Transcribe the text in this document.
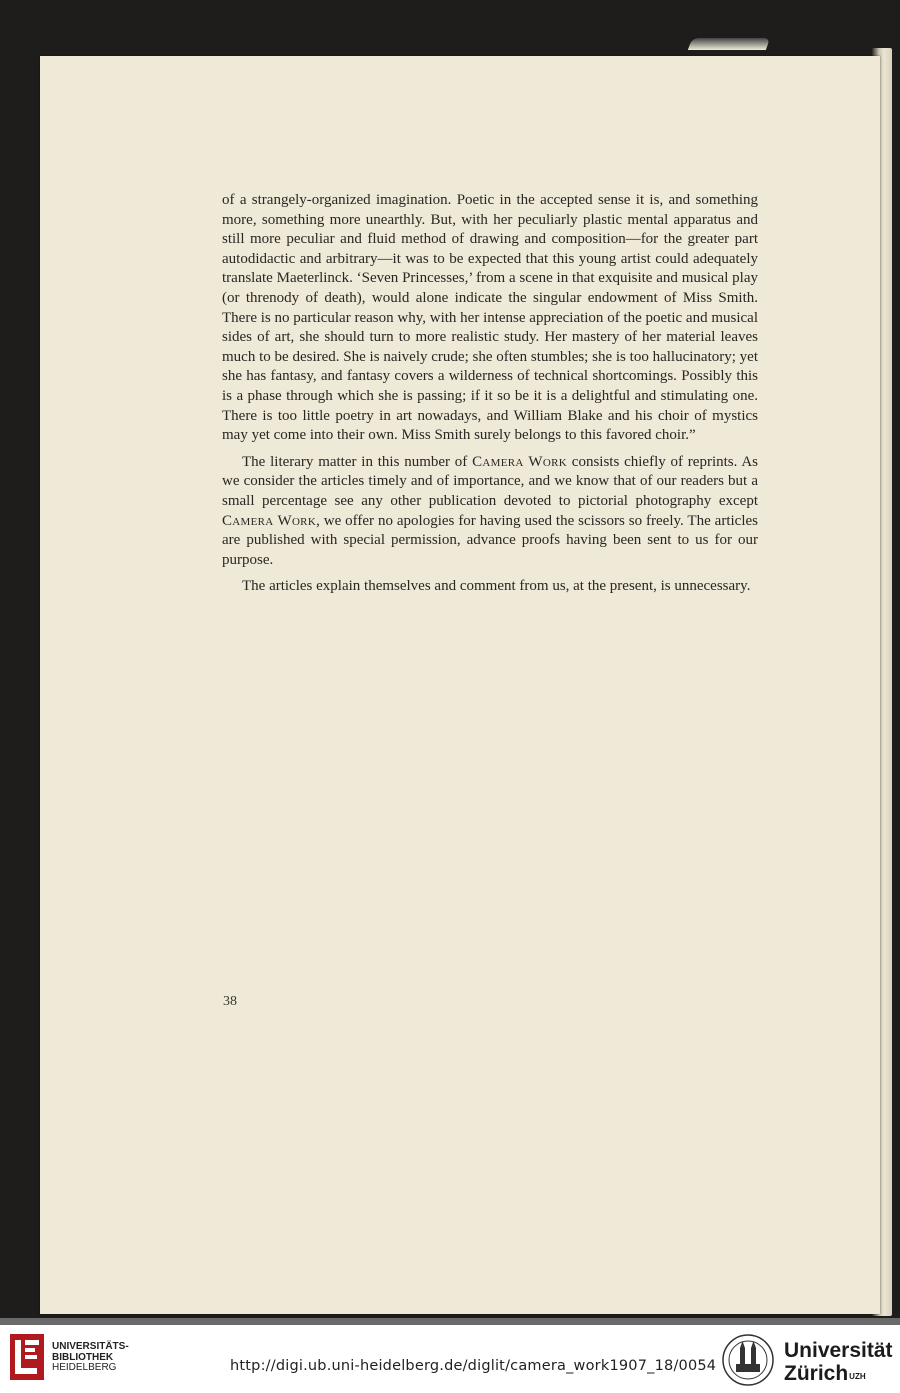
of a strangely-organized imagination. Poetic in the accepted sense it is, and something more, something more unearthly. But, with her peculiarly plastic mental apparatus and still more peculiar and fluid method of drawing and composition—for the greater part autodidactic and arbitrary—it was to be expected that this young artist could adequately translate Maeterlinck. ‘Seven Princesses,’ from a scene in that exquisite and musical play (or threnody of death), would alone indicate the singular endowment of Miss Smith. There is no particular reason why, with her intense appreciation of the poetic and musical sides of art, she should turn to more realistic study. Her mastery of her material leaves much to be desired. She is naively crude; she often stumbles; she is too hallucinatory; yet she has fantasy, and fantasy covers a wilderness of technical shortcomings. Possibly this is a phase through which she is passing; if it so be it is a delightful and stimulating one. There is too little poetry in art nowadays, and William Blake and his choir of mystics may yet come into their own. Miss Smith surely belongs to this favored choir.”

The literary matter in this number of Camera Work consists chiefly of reprints. As we consider the articles timely and of importance, and we know that of our readers but a small percentage see any other publication devoted to pictorial photography except Camera Work, we offer no apologies for having used the scissors so freely. The articles are published with special permission, advance proofs having been sent to us for our purpose.

The articles explain themselves and comment from us, at the present, is unnecessary.

38
UNIVERSITÄTS-
BIBLIOTHEK
HEIDELBERG	http://digi.ub.uni-heidelberg.de/diglit/camera_work1907_18/0054
Universität
Zürich$^{UZH}$
